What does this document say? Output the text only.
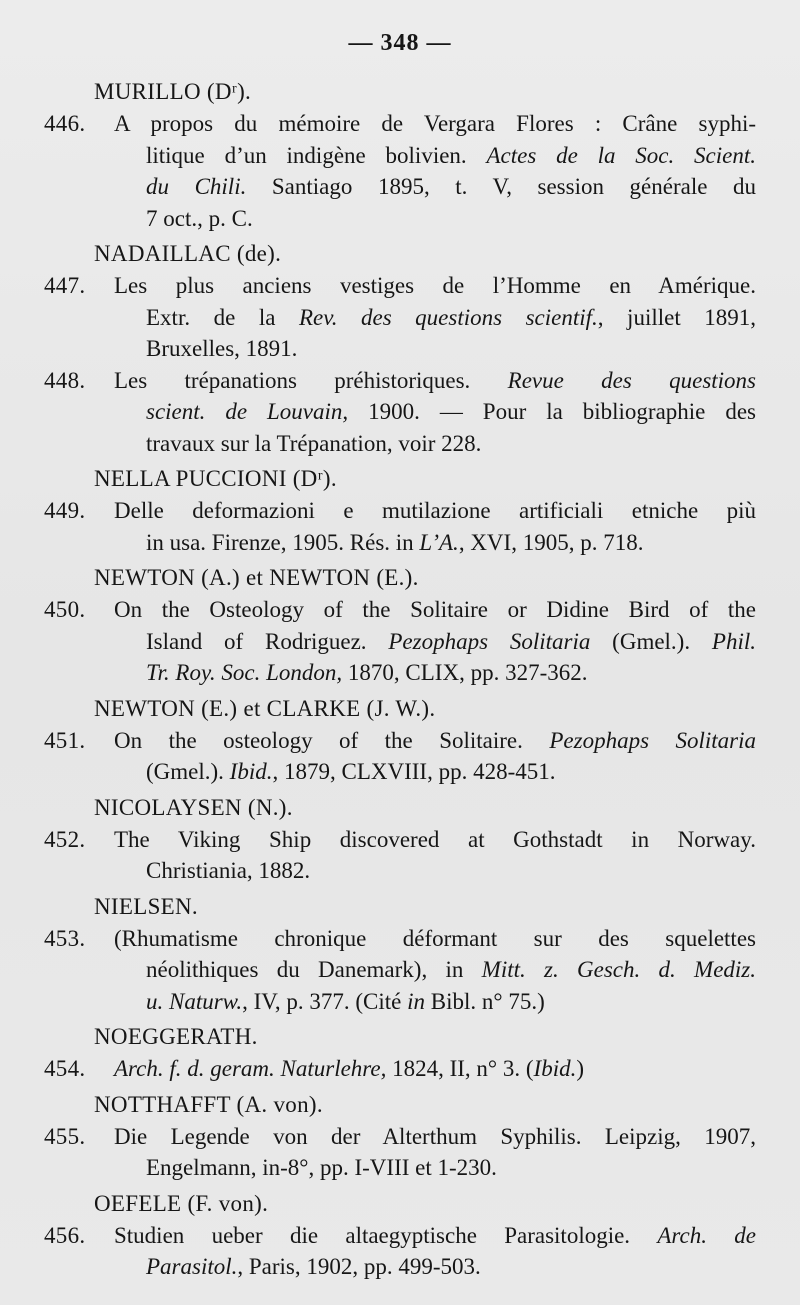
— 348 —
MURILLO (Dʳ).
446.	A propos du mémoire de Vergara Flores : Crâne syphi-
litique d’un indigène bolivien. Actes de la Soc. Scient.
du Chili. Santiago 1895, t. V, session générale du
7 oct., p. C.
NADAILLAC (de).
447.	Les plus anciens vestiges de l’Homme en Amérique.
Extr. de la Rev. des questions scientif., juillet 1891,
Bruxelles, 1891.
448.	Les trépanations préhistoriques. Revue des questions
scient. de Louvain, 1900. — Pour la bibliographie des
travaux sur la Trépanation, voir 228.
NELLA PUCCIONI (Dʳ).
449.	Delle deformazioni e mutilazione artificiali etniche più
in usa. Firenze, 1905. Rés. in L’A., XVI, 1905, p. 718.
NEWTON (A.) et NEWTON (E.).
450.	On the Osteology of the Solitaire or Didine Bird of the
Island of Rodriguez. Pezophaps Solitaria (Gmel.). Phil.
Tr. Roy. Soc. London, 1870, CLIX, pp. 327-362.
NEWTON (E.) et CLARKE (J. W.).
451.	On the osteology of the Solitaire. Pezophaps Solitaria
(Gmel.). Ibid., 1879, CLXVIII, pp. 428-451.
NICOLAYSEN (N.).
452.	The Viking Ship discovered at Gothstadt in Norway.
Christiania, 1882.
NIELSEN.
453.	(Rhumatisme chronique déformant sur des squelettes
néolithiques du Danemark), in Mitt. z. Gesch. d. Mediz.
u. Naturw., IV, p. 377. (Cité in Bibl. n° 75.)
NOEGGERATH.
454.	Arch. f. d. geram. Naturlehre, 1824, II, n° 3. (Ibid.)
NOTTHAFFT (A. von).
455.	Die Legende von der Alterthum Syphilis. Leipzig, 1907,
Engelmann, in-8°, pp. I-VIII et 1-230.
OEFELE (F. von).
456.	Studien ueber die altaegyptische Parasitologie. Arch. de
Parasitol., Paris, 1902, pp. 499-503.
